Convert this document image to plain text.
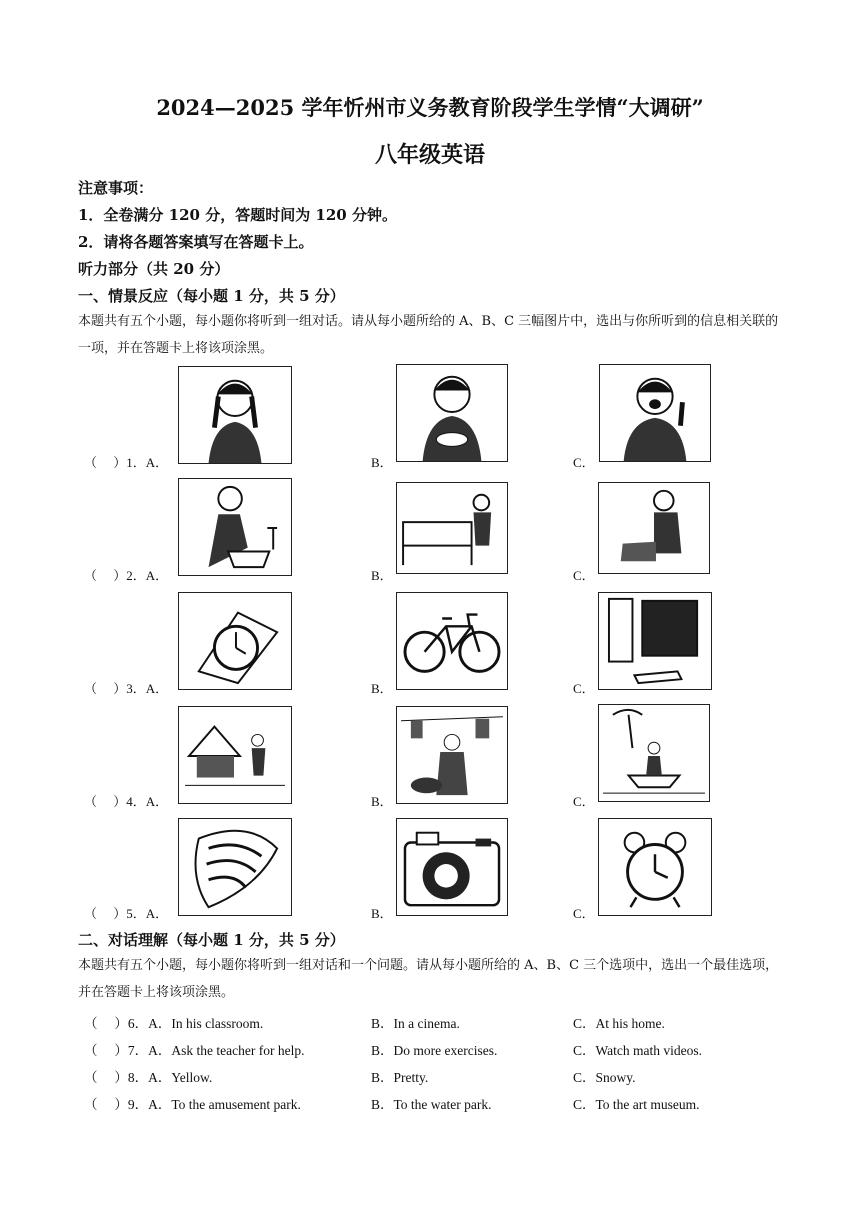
2024—2025 学年忻州市义务教育阶段学生学情“大调研”
八年级英语
注意事项：
1．全卷满分 120 分，答题时间为 120 分钟。
2．请将各题答案填写在答题卡上。
听力部分（共 20 分）
一、情景反应（每小题 1 分，共 5 分）
本题共有五个小题，每小题你将听到一组对话。请从每小题所给的 A、B、C 三幅图片中，选出与你所听到的信息相关联的一项，并在答题卡上将该项涂黑。
（　 ）1．A．	B．	C．
（　 ）2．A．	B．	C．
（　 ）3．A．	B．	C．
（　 ）4．A．	B．	C．
（　 ）5．A．	B．	C．
二、对话理解（每小题 1 分，共 5 分）
本题共有五个小题，每小题你将听到一组对话和一个问题。请从每小题所给的 A、B、C 三个选项中，选出一个最佳选项，并在答题卡上将该项涂黑。
（　 ）6．A．In his classroom.	B．In a cinema.	C．At his home.
（　 ）7．A．Ask the teacher for help.	B．Do more exercises.	C．Watch math videos.
（　 ）8．A．Yellow.	B．Pretty.	C．Snowy.
（　 ）9．A．To the amusement park.	B．To the water park.	C．To the art museum.
